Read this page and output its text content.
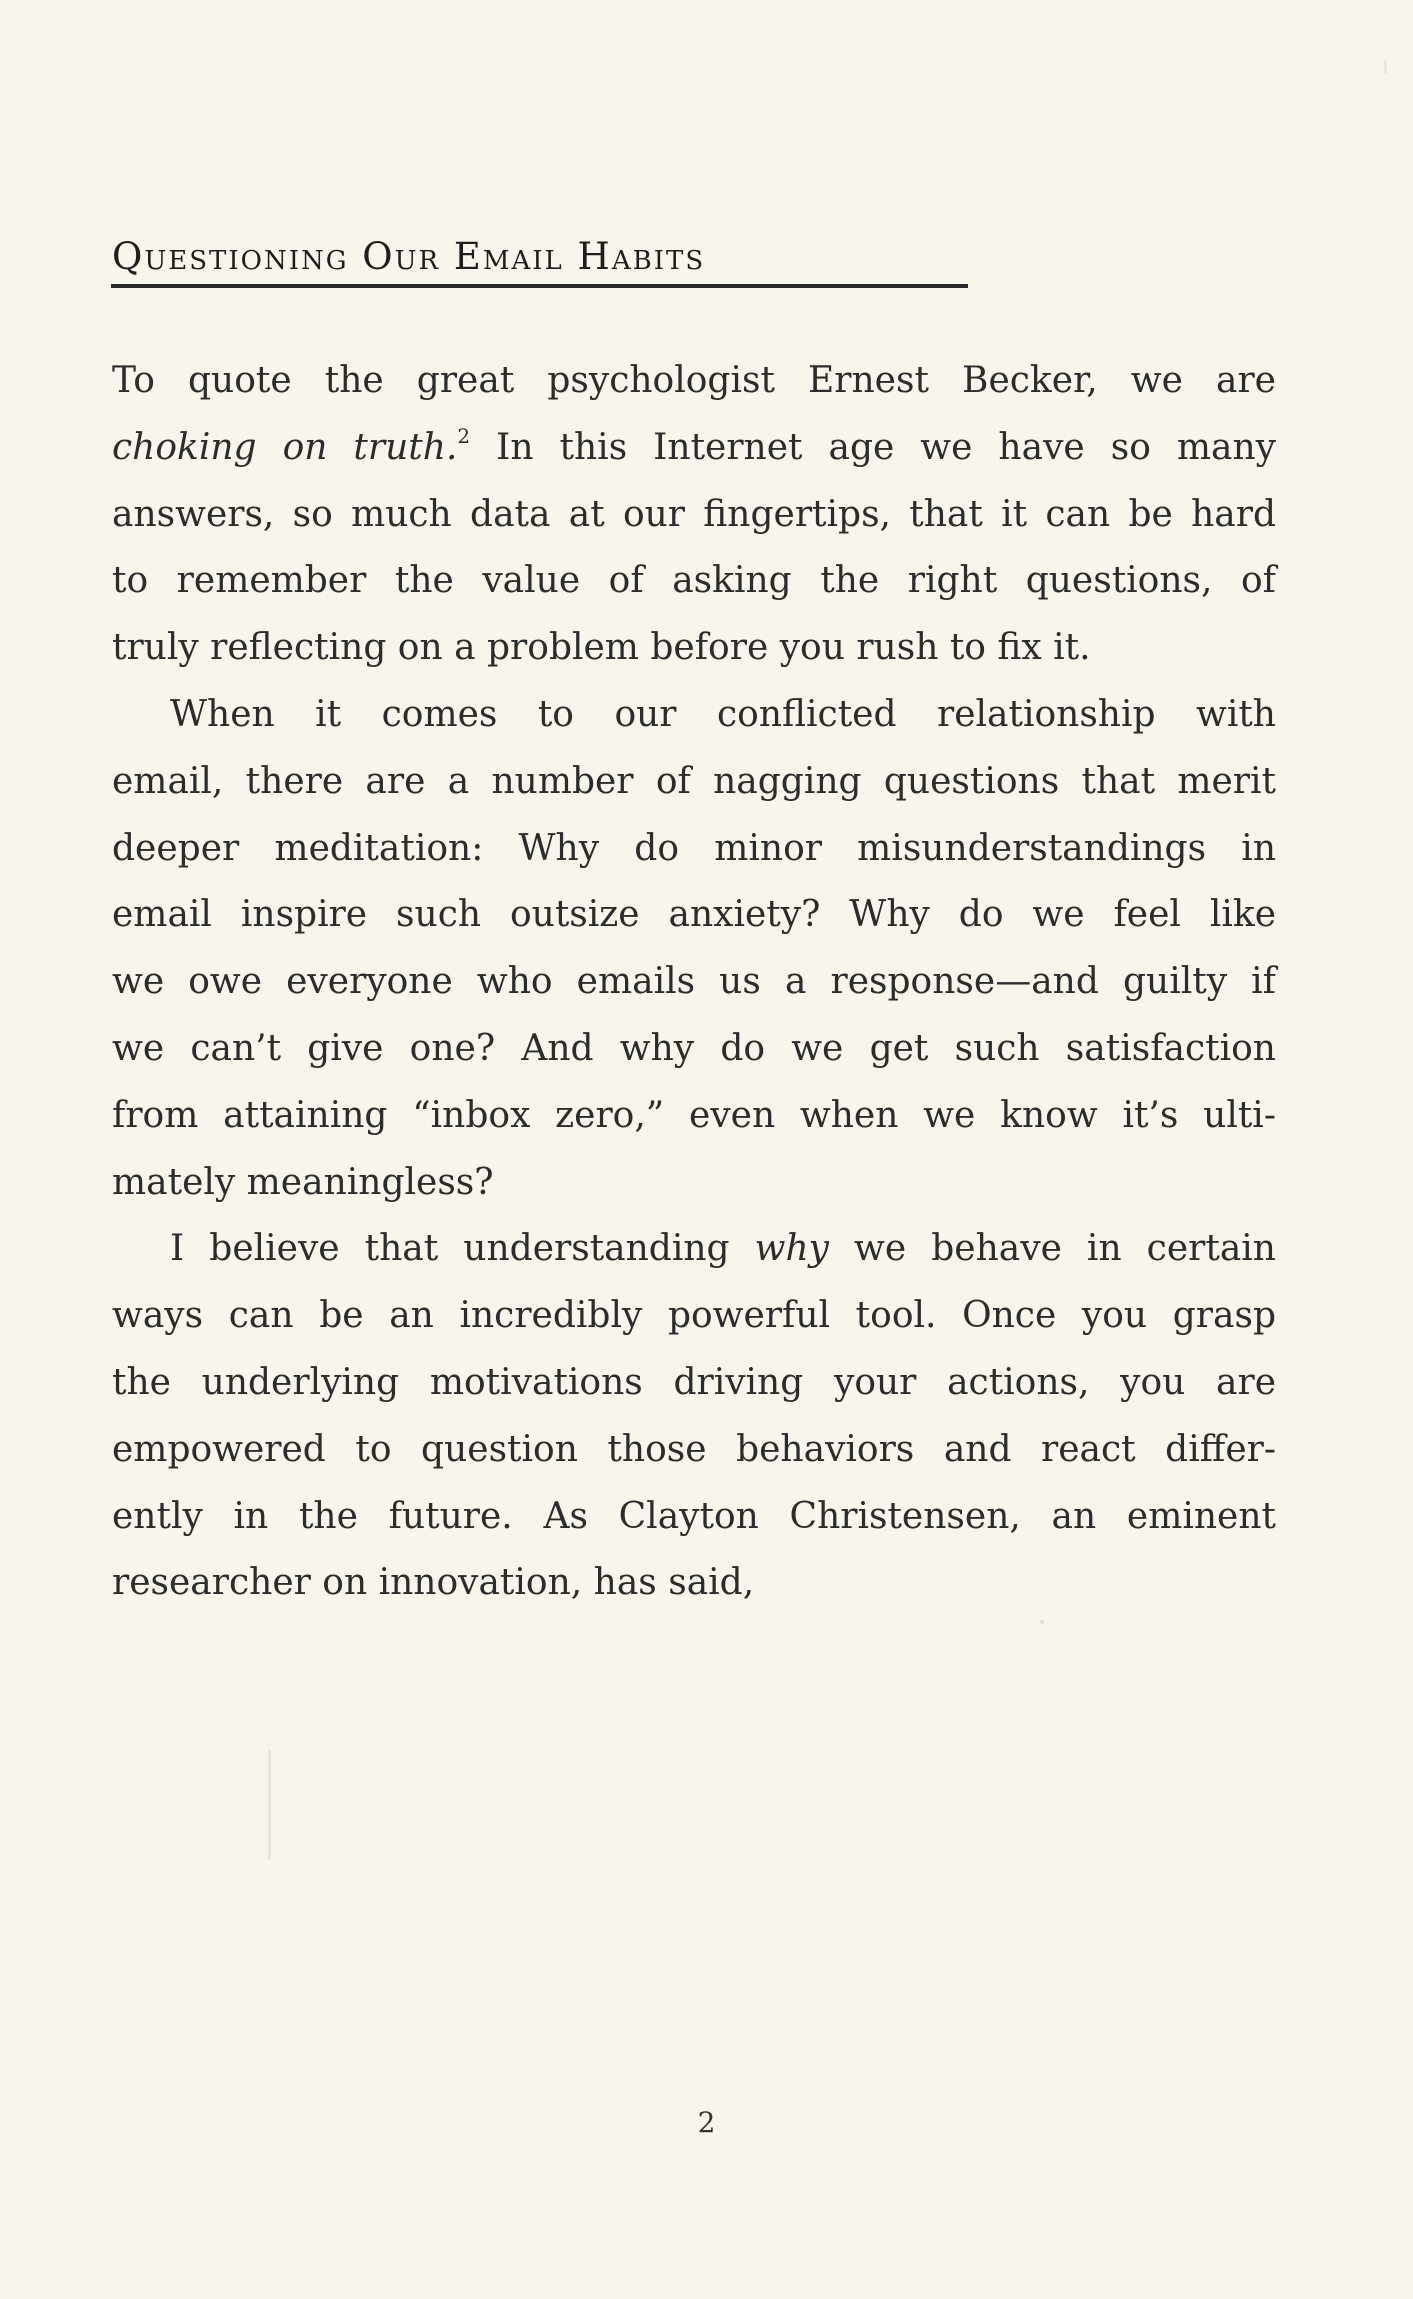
Questioning Our Email Habits

To quote the great psychologist Ernest Becker, we are
choking on truth.$^2$ In this Internet age we have so many
answers, so much data at our fingertips, that it can be hard
to remember the value of asking the right questions, of
truly reflecting on a problem before you rush to fix it.

When it comes to our conflicted relationship with
email, there are a number of nagging questions that merit
deeper meditation: Why do minor misunderstandings in
email inspire such outsize anxiety? Why do we feel like
we owe everyone who emails us a response—and guilty if
we can’t give one? And why do we get such satisfaction
from attaining “inbox zero,” even when we know it’s ulti-
mately meaningless?

I believe that understanding why we behave in certain
ways can be an incredibly powerful tool. Once you grasp
the underlying motivations driving your actions, you are
empowered to question those behaviors and react differ-
ently in the future. As Clayton Christensen, an eminent
researcher on innovation, has said,

2
